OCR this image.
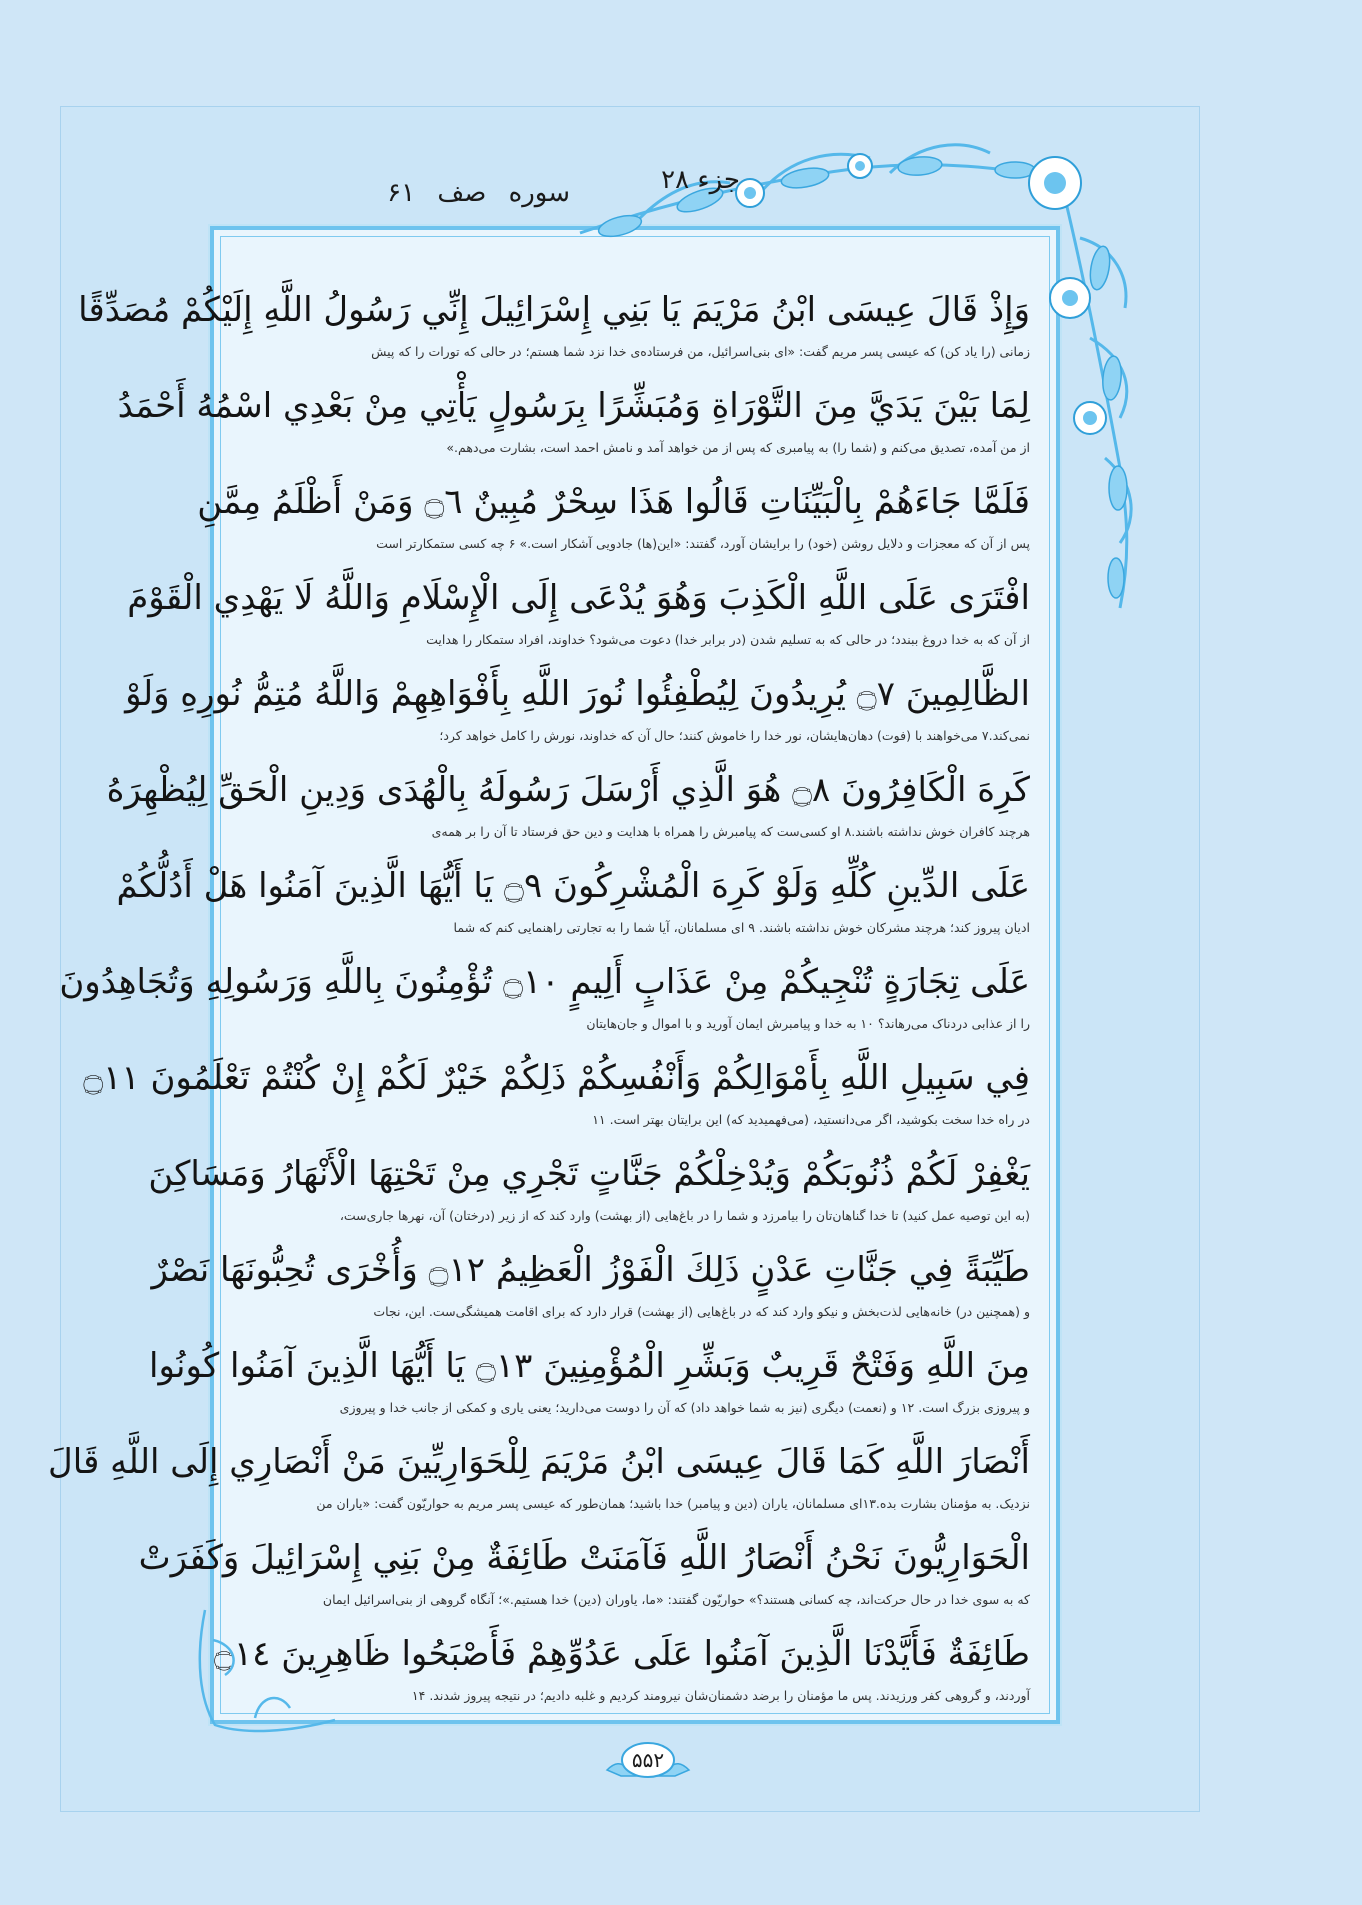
جزء ۲۸
سوره صف ۶۱
وَإِذْ قَالَ عِيسَى ابْنُ مَرْيَمَ يَا بَنِي إِسْرَائِيلَ إِنِّي رَسُولُ اللَّهِ إِلَيْكُمْ مُصَدِّقًا
زمانی (را یاد کن) که عیسی پسر مریم گفت: «ای بنی‌اسرائیل، من فرستاده‌ی خدا نزد شما هستم؛ در حالی که تورات را که پیش
لِمَا بَيْنَ يَدَيَّ مِنَ التَّوْرَاةِ وَمُبَشِّرًا بِرَسُولٍ يَأْتِي مِنْ بَعْدِي اسْمُهُ أَحْمَدُ
از من آمده، تصدیق می‌کنم و (شما را) به پیامبری که پس از من خواهد آمد و نامش احمد است، بشارت می‌دهم.»
فَلَمَّا جَاءَهُمْ بِالْبَيِّنَاتِ قَالُوا هَذَا سِحْرٌ مُبِينٌ ۝٦ وَمَنْ أَظْلَمُ مِمَّنِ
پس از آن که معجزات و دلایل روشن (خود) را برایشان آورد، گفتند: «این(ها) جادویی آشکار است.» ۶ چه کسی ستمکارتر است
افْتَرَى عَلَى اللَّهِ الْكَذِبَ وَهُوَ يُدْعَى إِلَى الْإِسْلَامِ وَاللَّهُ لَا يَهْدِي الْقَوْمَ
از آن که به خدا دروغ ببندد؛ در حالی که به تسلیم شدن (در برابر خدا) دعوت می‌شود؟ خداوند، افراد ستمکار را هدایت
الظَّالِمِينَ ۝٧ يُرِيدُونَ لِيُطْفِئُوا نُورَ اللَّهِ بِأَفْوَاهِهِمْ وَاللَّهُ مُتِمُّ نُورِهِ وَلَوْ
نمی‌کند.۷ می‌خواهند با (فوت) دهان‌هایشان، نور خدا را خاموش کنند؛ حال آن که خداوند، نورش را کامل خواهد کرد؛
كَرِهَ الْكَافِرُونَ ۝٨ هُوَ الَّذِي أَرْسَلَ رَسُولَهُ بِالْهُدَى وَدِينِ الْحَقِّ لِيُظْهِرَهُ
هرچند کافران خوش نداشته باشند.۸ او کسی‌ست که پیامبرش را همراه با هدایت و دین حق فرستاد تا آن را بر همه‌ی
عَلَى الدِّينِ كُلِّهِ وَلَوْ كَرِهَ الْمُشْرِكُونَ ۝٩ يَا أَيُّهَا الَّذِينَ آمَنُوا هَلْ أَدُلُّكُمْ
ادیان پیروز کند؛ هرچند مشرکان خوش نداشته باشند. ۹ ای مسلمانان، آیا شما را به تجارتی راهنمایی کنم که شما
عَلَى تِجَارَةٍ تُنْجِيكُمْ مِنْ عَذَابٍ أَلِيمٍ ۝١٠ تُؤْمِنُونَ بِاللَّهِ وَرَسُولِهِ وَتُجَاهِدُونَ
را از عذابی دردناک می‌رهاند؟ ۱۰ به خدا و پیامبرش ایمان آورید و با اموال و جان‌هایتان
فِي سَبِيلِ اللَّهِ بِأَمْوَالِكُمْ وَأَنْفُسِكُمْ ذَلِكُمْ خَيْرٌ لَكُمْ إِنْ كُنْتُمْ تَعْلَمُونَ ۝١١
در راه خدا سخت بکوشید، اگر می‌دانستید، (می‌فهمیدید که) این برایتان بهتر است. ۱۱
يَغْفِرْ لَكُمْ ذُنُوبَكُمْ وَيُدْخِلْكُمْ جَنَّاتٍ تَجْرِي مِنْ تَحْتِهَا الْأَنْهَارُ وَمَسَاكِنَ
(به این توصیه عمل کنید) تا خدا گناهان‌تان را بیامرزد و شما را در باغ‌هایی (از بهشت) وارد کند که از زیر (درختان) آن، نهرها جاری‌ست،
طَيِّبَةً فِي جَنَّاتِ عَدْنٍ ذَلِكَ الْفَوْزُ الْعَظِيمُ ۝١٢ وَأُخْرَى تُحِبُّونَهَا نَصْرٌ
و (همچنین در) خانه‌هایی لذت‌بخش و نیکو وارد کند که در باغ‌هایی (از بهشت) قرار دارد که برای اقامت همیشگی‌ست. این، نجات
مِنَ اللَّهِ وَفَتْحٌ قَرِيبٌ وَبَشِّرِ الْمُؤْمِنِينَ ۝١٣ يَا أَيُّهَا الَّذِينَ آمَنُوا كُونُوا
و پیروزی بزرگ است. ۱۲ و (نعمت) دیگری (نیز به شما خواهد داد) که آن را دوست می‌دارید؛ یعنی یاری و کمکی از جانب خدا و پیروزی
أَنْصَارَ اللَّهِ كَمَا قَالَ عِيسَى ابْنُ مَرْيَمَ لِلْحَوَارِيِّينَ مَنْ أَنْصَارِي إِلَى اللَّهِ قَالَ
نزدیک. به مؤمنان بشارت بده.۱۳ای مسلمانان، یاران (دین و پیامبر) خدا باشید؛ همان‌طور که عیسی پسر مریم به حواریّون گفت: «یاران من
الْحَوَارِيُّونَ نَحْنُ أَنْصَارُ اللَّهِ فَآمَنَتْ طَائِفَةٌ مِنْ بَنِي إِسْرَائِيلَ وَكَفَرَتْ
که به سوی خدا در حال حرکت‌اند، چه کسانی هستند؟» حواریّون گفتند: «ما، یاوران (دین) خدا هستیم.»؛ آنگاه گروهی از بنی‌اسرائیل ایمان
طَائِفَةٌ فَأَيَّدْنَا الَّذِينَ آمَنُوا عَلَى عَدُوِّهِمْ فَأَصْبَحُوا ظَاهِرِينَ ۝١٤
آوردند، و گروهی کفر ورزیدند. پس ما مؤمنان را برضد دشمنان‌شان نیرومند کردیم و غلبه دادیم؛ در نتیجه پیروز شدند. ۱۴
۵۵۲
